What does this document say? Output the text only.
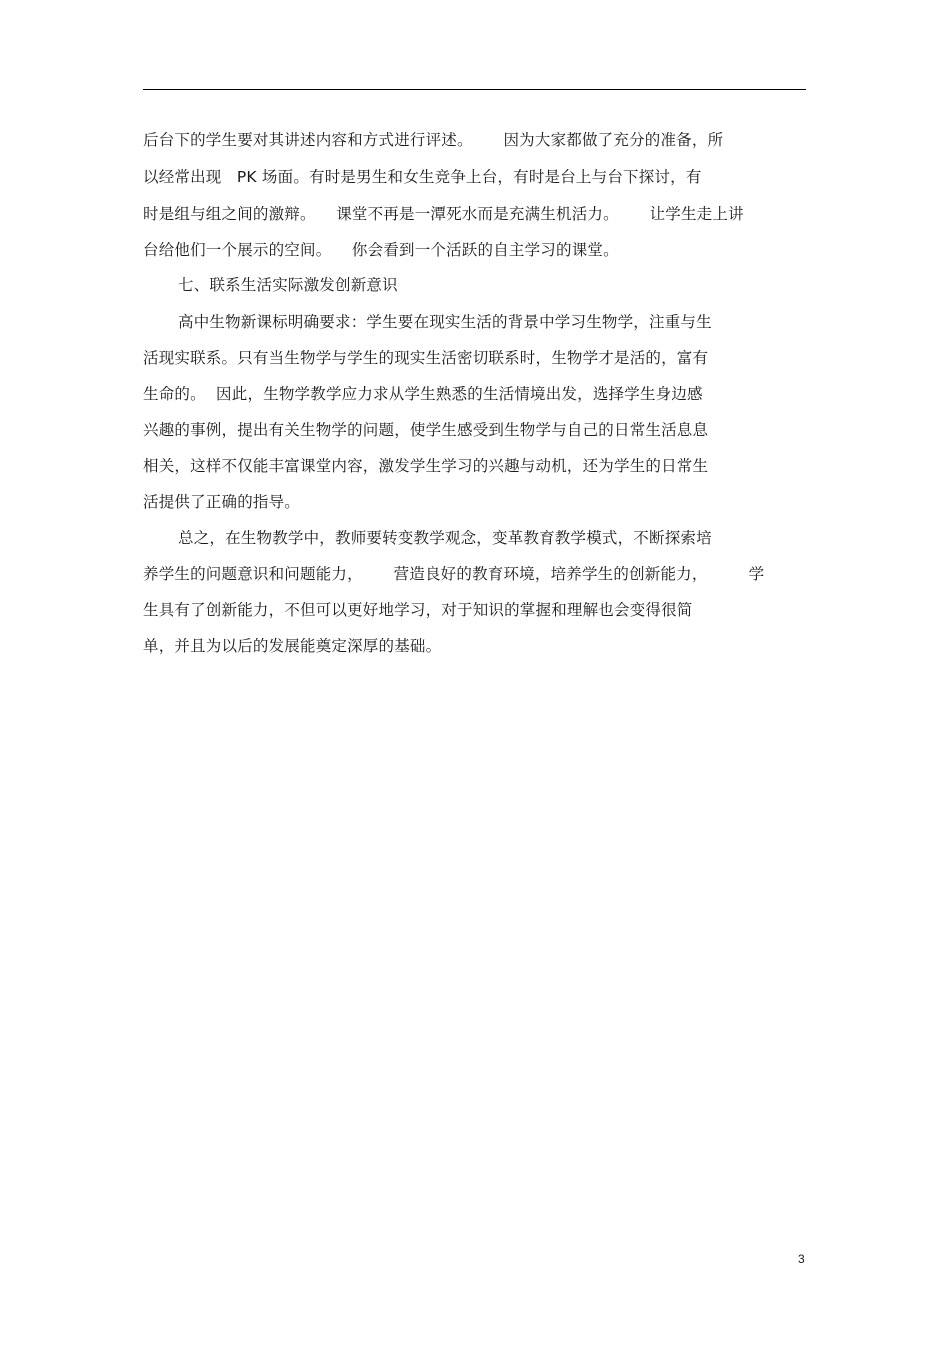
后台下的学生要对其讲述内容和方式进行评述。      因为大家都做了充分的准备，所
以经常出现   PK 场面。有时是男生和女生竞争上台，有时是台上与台下探讨，有
时是组与组之间的激辩。    课堂不再是一潭死水而是充满生机活力。      让学生走上讲
台给他们一个展示的空间。    你会看到一个活跃的自主学习的课堂。
七、联系生活实际激发创新意识
高中生物新课标明确要求：学生要在现实生活的背景中学习生物学，注重与生
活现实联系。只有当生物学与学生的现实生活密切联系时，生物学才是活的，富有
生命的。  因此，生物学教学应力求从学生熟悉的生活情境出发，选择学生身边感
兴趣的事例，提出有关生物学的问题，使学生感受到生物学与自己的日常生活息息
相关，这样不仅能丰富课堂内容，激发学生学习的兴趣与动机，还为学生的日常生
活提供了正确的指导。
总之，在生物教学中，教师要转变教学观念，变革教育教学模式，不断探索培
养学生的问题意识和问题能力，      营造良好的教育环境，培养学生的创新能力，        学
生具有了创新能力，不但可以更好地学习，对于知识的掌握和理解也会变得很简
单，并且为以后的发展能奠定深厚的基础。
3
